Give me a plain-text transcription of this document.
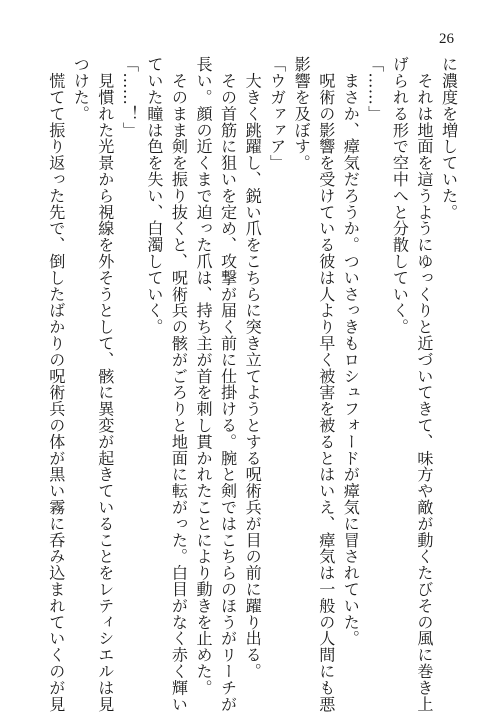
26
に濃度を増していた。
　それは地面を這うようにゆっくりと近づいてきて、味方や敵が動くたびその風に巻き上
げられる形で空中へと分散していく。
「……」
　まさか、瘴気だろうか。ついさっきもロシュフォードが瘴気に冒されていた。
　呪術の影響を受けている彼は人より早く被害を被るとはいえ、瘴気は一般の人間にも悪
影響を及ぼす。
「ウガァァア」
　大きく跳躍し、鋭い爪をこちらに突き立てようとする呪術兵が目の前に躍り出る。
　その首筋に狙いを定め、攻撃が届く前に仕掛ける。腕と剣ではこちらのほうがリーチが
長い。顔の近くまで迫った爪は、持ち主が首を刺し貫かれたことにより動きを止めた。
　そのまま剣を振り抜くと、呪術兵の骸がごろりと地面に転がった。白目がなく赤く輝い
ていた瞳は色を失い、白濁していく。
「……！」
　見慣れた光景から視線を外そうとして、骸に異変が起きていることをレティシエルは見
つけた。
　慌てて振り返った先で、倒したばかりの呪術兵の体が黒い霧に呑み込まれていくのが見
